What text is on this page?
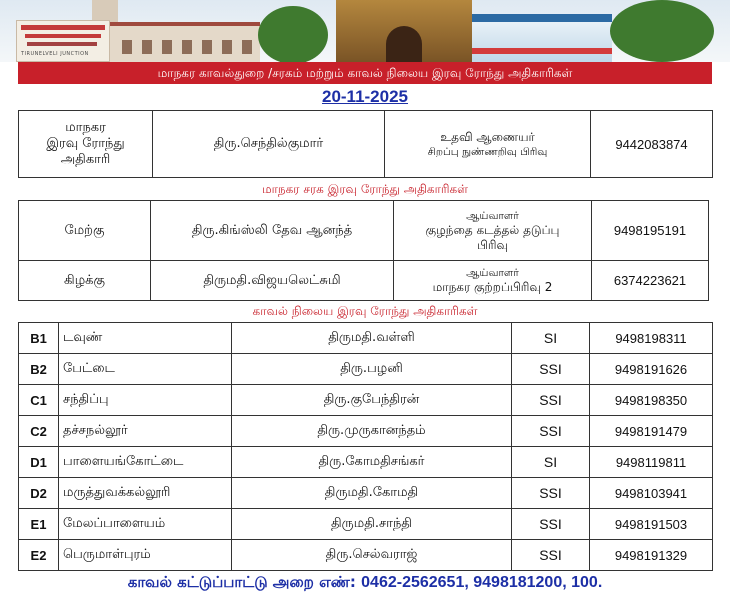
TIRUNELVELI JUNCTION
மாநகர காவல்துறை /சரகம் மற்றும் காவல் நிலைய இரவு ரோந்து அதிகாரிகள்
20-11-2025
மாநகர
இரவு ரோந்து
அதிகாரி
	திரு.செந்தில்குமார்	உதவி ஆணையர்
சிறப்பு நுண்ணறிவு பிரிவு	9442083874
மாநகர சரக இரவு ரோந்து அதிகாரிகள்
மேற்கு	திரு.கிங்ஸ்லி தேவ ஆனந்த்	ஆய்வாளர்
குழந்தை கடத்தல் தடுப்பு
பிரிவு	9498195191
கிழக்கு	திருமதி.விஜயலெட்சுமி	ஆய்வாளர்
மாநகர குற்றப்பிரிவு 2	6374223621
காவல் நிலைய இரவு ரோந்து அதிகாரிகள்
B1	டவுண்	திருமதி.வள்ளி	SI	9498198311
B2	பேட்டை	திரு.பழனி	SSI	9498191626
C1	சந்திப்பு	திரு.குபேந்திரன்	SSI	9498198350
C2	தச்சநல்லூர்	திரு.முருகானந்தம்	SSI	9498191479
D1	பாளையங்கோட்டை	திரு.கோமதிசங்கர்	SI	9498119811
D2	மருத்துவக்கல்லூரி	திருமதி.கோமதி	SSI	9498103941
E1	மேலப்பாளையம்	திருமதி.சாந்தி	SSI	9498191503
E2	பெருமாள்புரம்	திரு.செல்வராஜ்	SSI	9498191329
காவல் கட்டுப்பாட்டு அறை எண்: 0462-2562651, 9498181200, 100.
